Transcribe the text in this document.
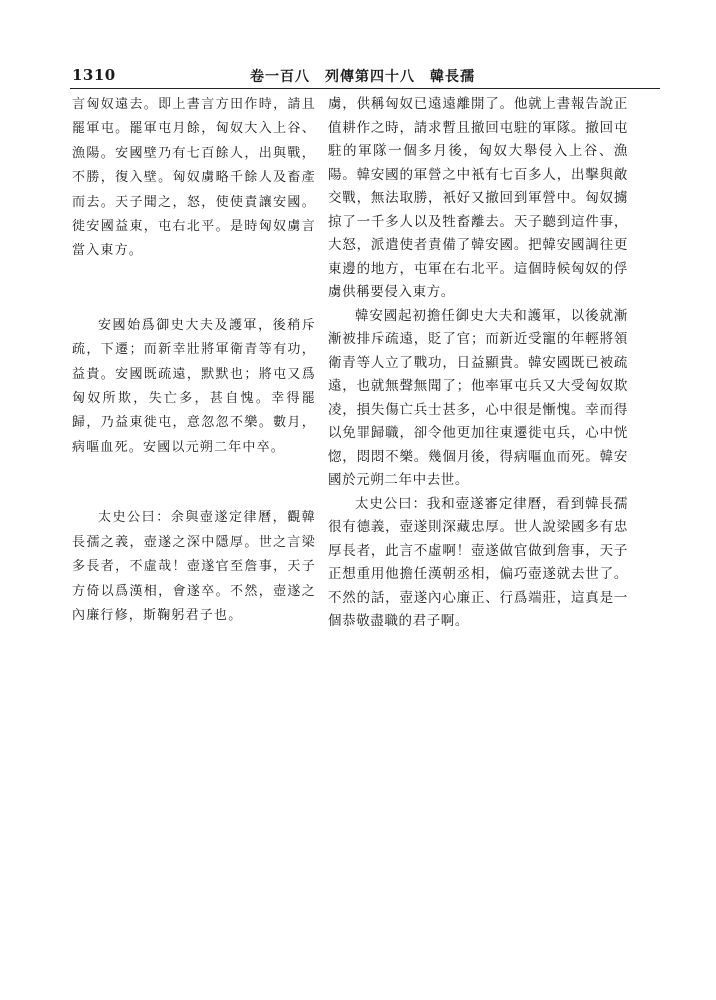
1310	卷一百八　列傳第四十八　韓長孺

言匈奴遠去。即上書言方田作時，請且罷軍屯。罷軍屯月餘，匈奴大入上谷、漁陽。安國壁乃有七百餘人，出與戰，不勝，復入壁。匈奴虜略千餘人及畜產而去。天子聞之，怒，使使責讓安國。徙安國益東，屯右北平。是時匈奴虜言當入東方。

安國始爲御史大夫及護軍，後稍斥疏，下遷；而新幸壯將軍衛青等有功，益貴。安國既疏遠，默默也；將屯又爲匈奴所欺，失亡多，甚自愧。幸得罷歸，乃益東徙屯，意忽忽不樂。數月，病嘔血死。安國以元朔二年中卒。

太史公曰：余與壺遂定律曆，觀韓長孺之義，壺遂之深中隱厚。世之言梁多長者，不虛哉！壺遂官至詹事，天子方倚以爲漢相，會遂卒。不然，壺遂之內廉行修，斯鞠躬君子也。

虜，供稱匈奴已遠遠離開了。他就上書報告說正值耕作之時，請求暫且撤回屯駐的軍隊。撤回屯駐的軍隊一個多月後，匈奴大舉侵入上谷、漁陽。韓安國的軍營之中衹有七百多人，出擊與敵交戰，無法取勝，衹好又撤回到軍營中。匈奴擄掠了一千多人以及牲畜離去。天子聽到這件事，大怒，派遣使者責備了韓安國。把韓安國調往更東邊的地方，屯軍在右北平。這個時候匈奴的俘虜供稱要侵入東方。

韓安國起初擔任御史大夫和護軍，以後就漸漸被排斥疏遠，貶了官；而新近受寵的年輕將領衛青等人立了戰功，日益顯貴。韓安國既已被疏遠，也就無聲無聞了；他率軍屯兵又大受匈奴欺凌，損失傷亡兵士甚多，心中很是慚愧。幸而得以免罪歸職，卻令他更加往東遷徙屯兵，心中恍惚，悶悶不樂。幾個月後，得病嘔血而死。韓安國於元朔二年中去世。

太史公曰：我和壺遂審定律曆，看到韓長孺很有德義，壺遂則深藏忠厚。世人說梁國多有忠厚長者，此言不虛啊！壺遂做官做到詹事，天子正想重用他擔任漢朝丞相，偏巧壺遂就去世了。不然的話，壺遂內心廉正、行爲端莊，這真是一個恭敬盡職的君子啊。
